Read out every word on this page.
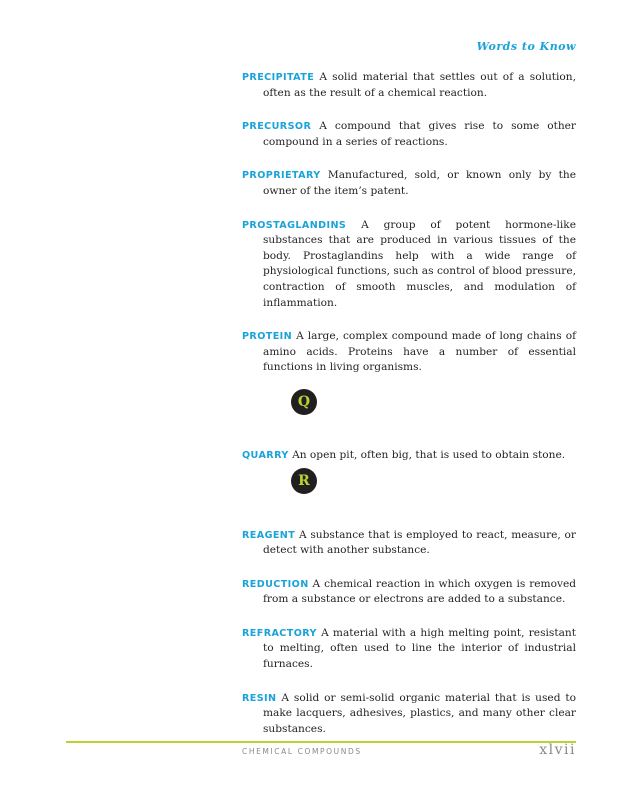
Words to Know

PRECIPITATE A solid material that settles out of a solution, often as the result of a chemical reaction.

PRECURSOR A compound that gives rise to some other compound in a series of reactions.

PROPRIETARY Manufactured, sold, or known only by the owner of the item’s patent.

PROSTAGLANDINS A group of potent hormone-like substances that are produced in various tissues of the body. Prostaglandins help with a wide range of physiological functions, such as control of blood pressure, contraction of smooth muscles, and modulation of inflammation.

PROTEIN A large, complex compound made of long chains of amino acids. Proteins have a number of essential functions in living organisms.

QUARRY An open pit, often big, that is used to obtain stone.

REAGENT A substance that is employed to react, measure, or detect with another substance.

REDUCTION A chemical reaction in which oxygen is removed from a substance or electrons are added to a substance.

REFRACTORY A material with a high melting point, resistant to melting, often used to line the interior of industrial furnaces.

RESIN A solid or semi-solid organic material that is used to make lacquers, adhesives, plastics, and many other clear substances.

Q
R
CHEMICAL COMPOUNDS	xlvii
